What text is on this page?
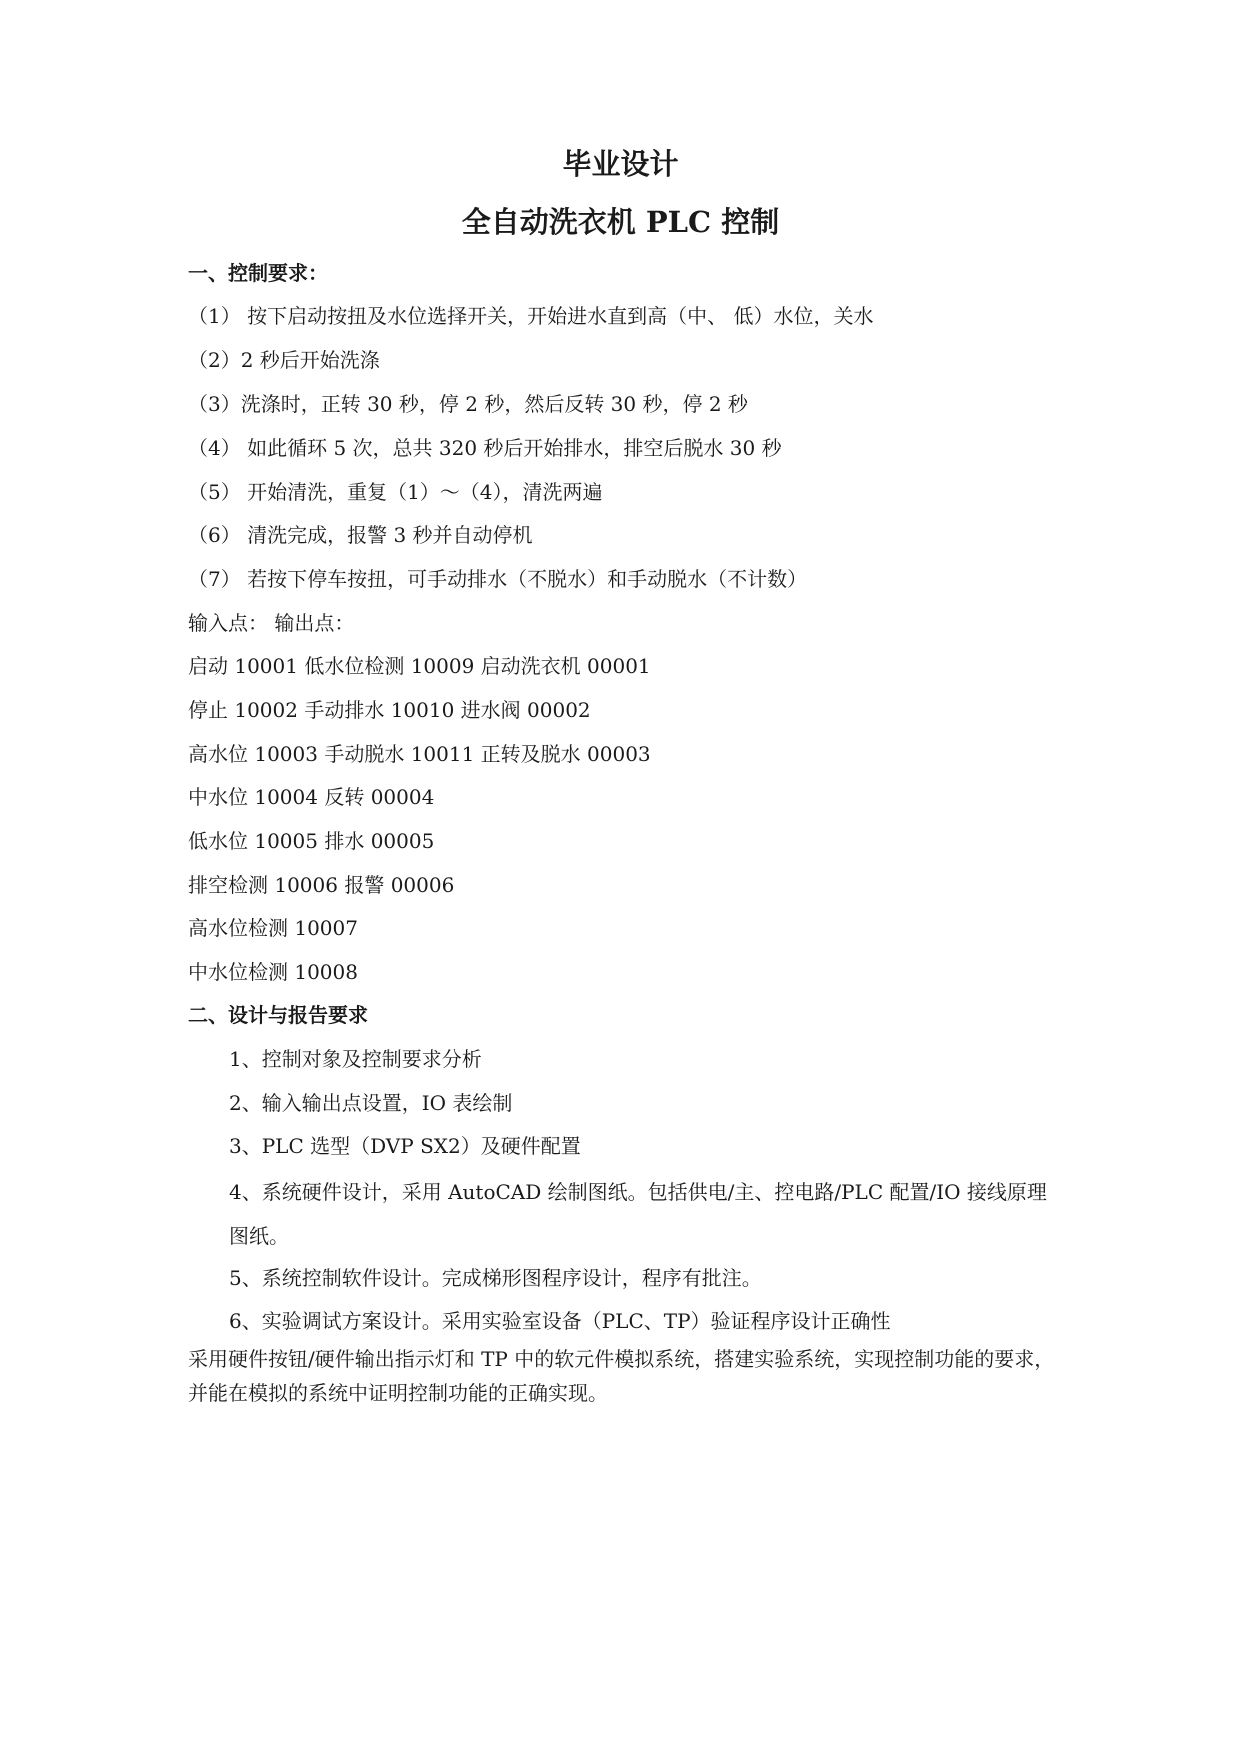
毕业设计
全自动洗衣机 PLC 控制
一、控制要求：
（1） 按下启动按扭及水位选择开关，开始进水直到高（中、 低）水位，关水
（2）2 秒后开始洗涤
（3）洗涤时，正转 30 秒，停 2 秒，然后反转 30 秒，停 2 秒
（4） 如此循环 5 次，总共 320 秒后开始排水，排空后脱水 30 秒
（5） 开始清洗，重复（1）～（4），清洗两遍
（6） 清洗完成，报警 3 秒并自动停机
（7） 若按下停车按扭，可手动排水（不脱水）和手动脱水（不计数）
输入点： 输出点：
启动 10001 低水位检测 10009 启动洗衣机 00001
停止 10002 手动排水 10010 进水阀 00002
高水位 10003 手动脱水 10011 正转及脱水 00003
中水位 10004 反转 00004
低水位 10005 排水 00005
排空检测 10006 报警 00006
高水位检测 10007
中水位检测 10008
二、设计与报告要求
1、控制对象及控制要求分析
2、输入输出点设置，IO 表绘制
3、PLC 选型（DVP SX2）及硬件配置
4、系统硬件设计，采用 AutoCAD 绘制图纸。包括供电/主、控电路/PLC 配置/IO 接线原理图纸。
5、系统控制软件设计。完成梯形图程序设计，程序有批注。
6、实验调试方案设计。采用实验室设备（PLC、TP）验证程序设计正确性
采用硬件按钮/硬件输出指示灯和 TP 中的软元件模拟系统，搭建实验系统，实现控制功能的要求，并能在模拟的系统中证明控制功能的正确实现。
